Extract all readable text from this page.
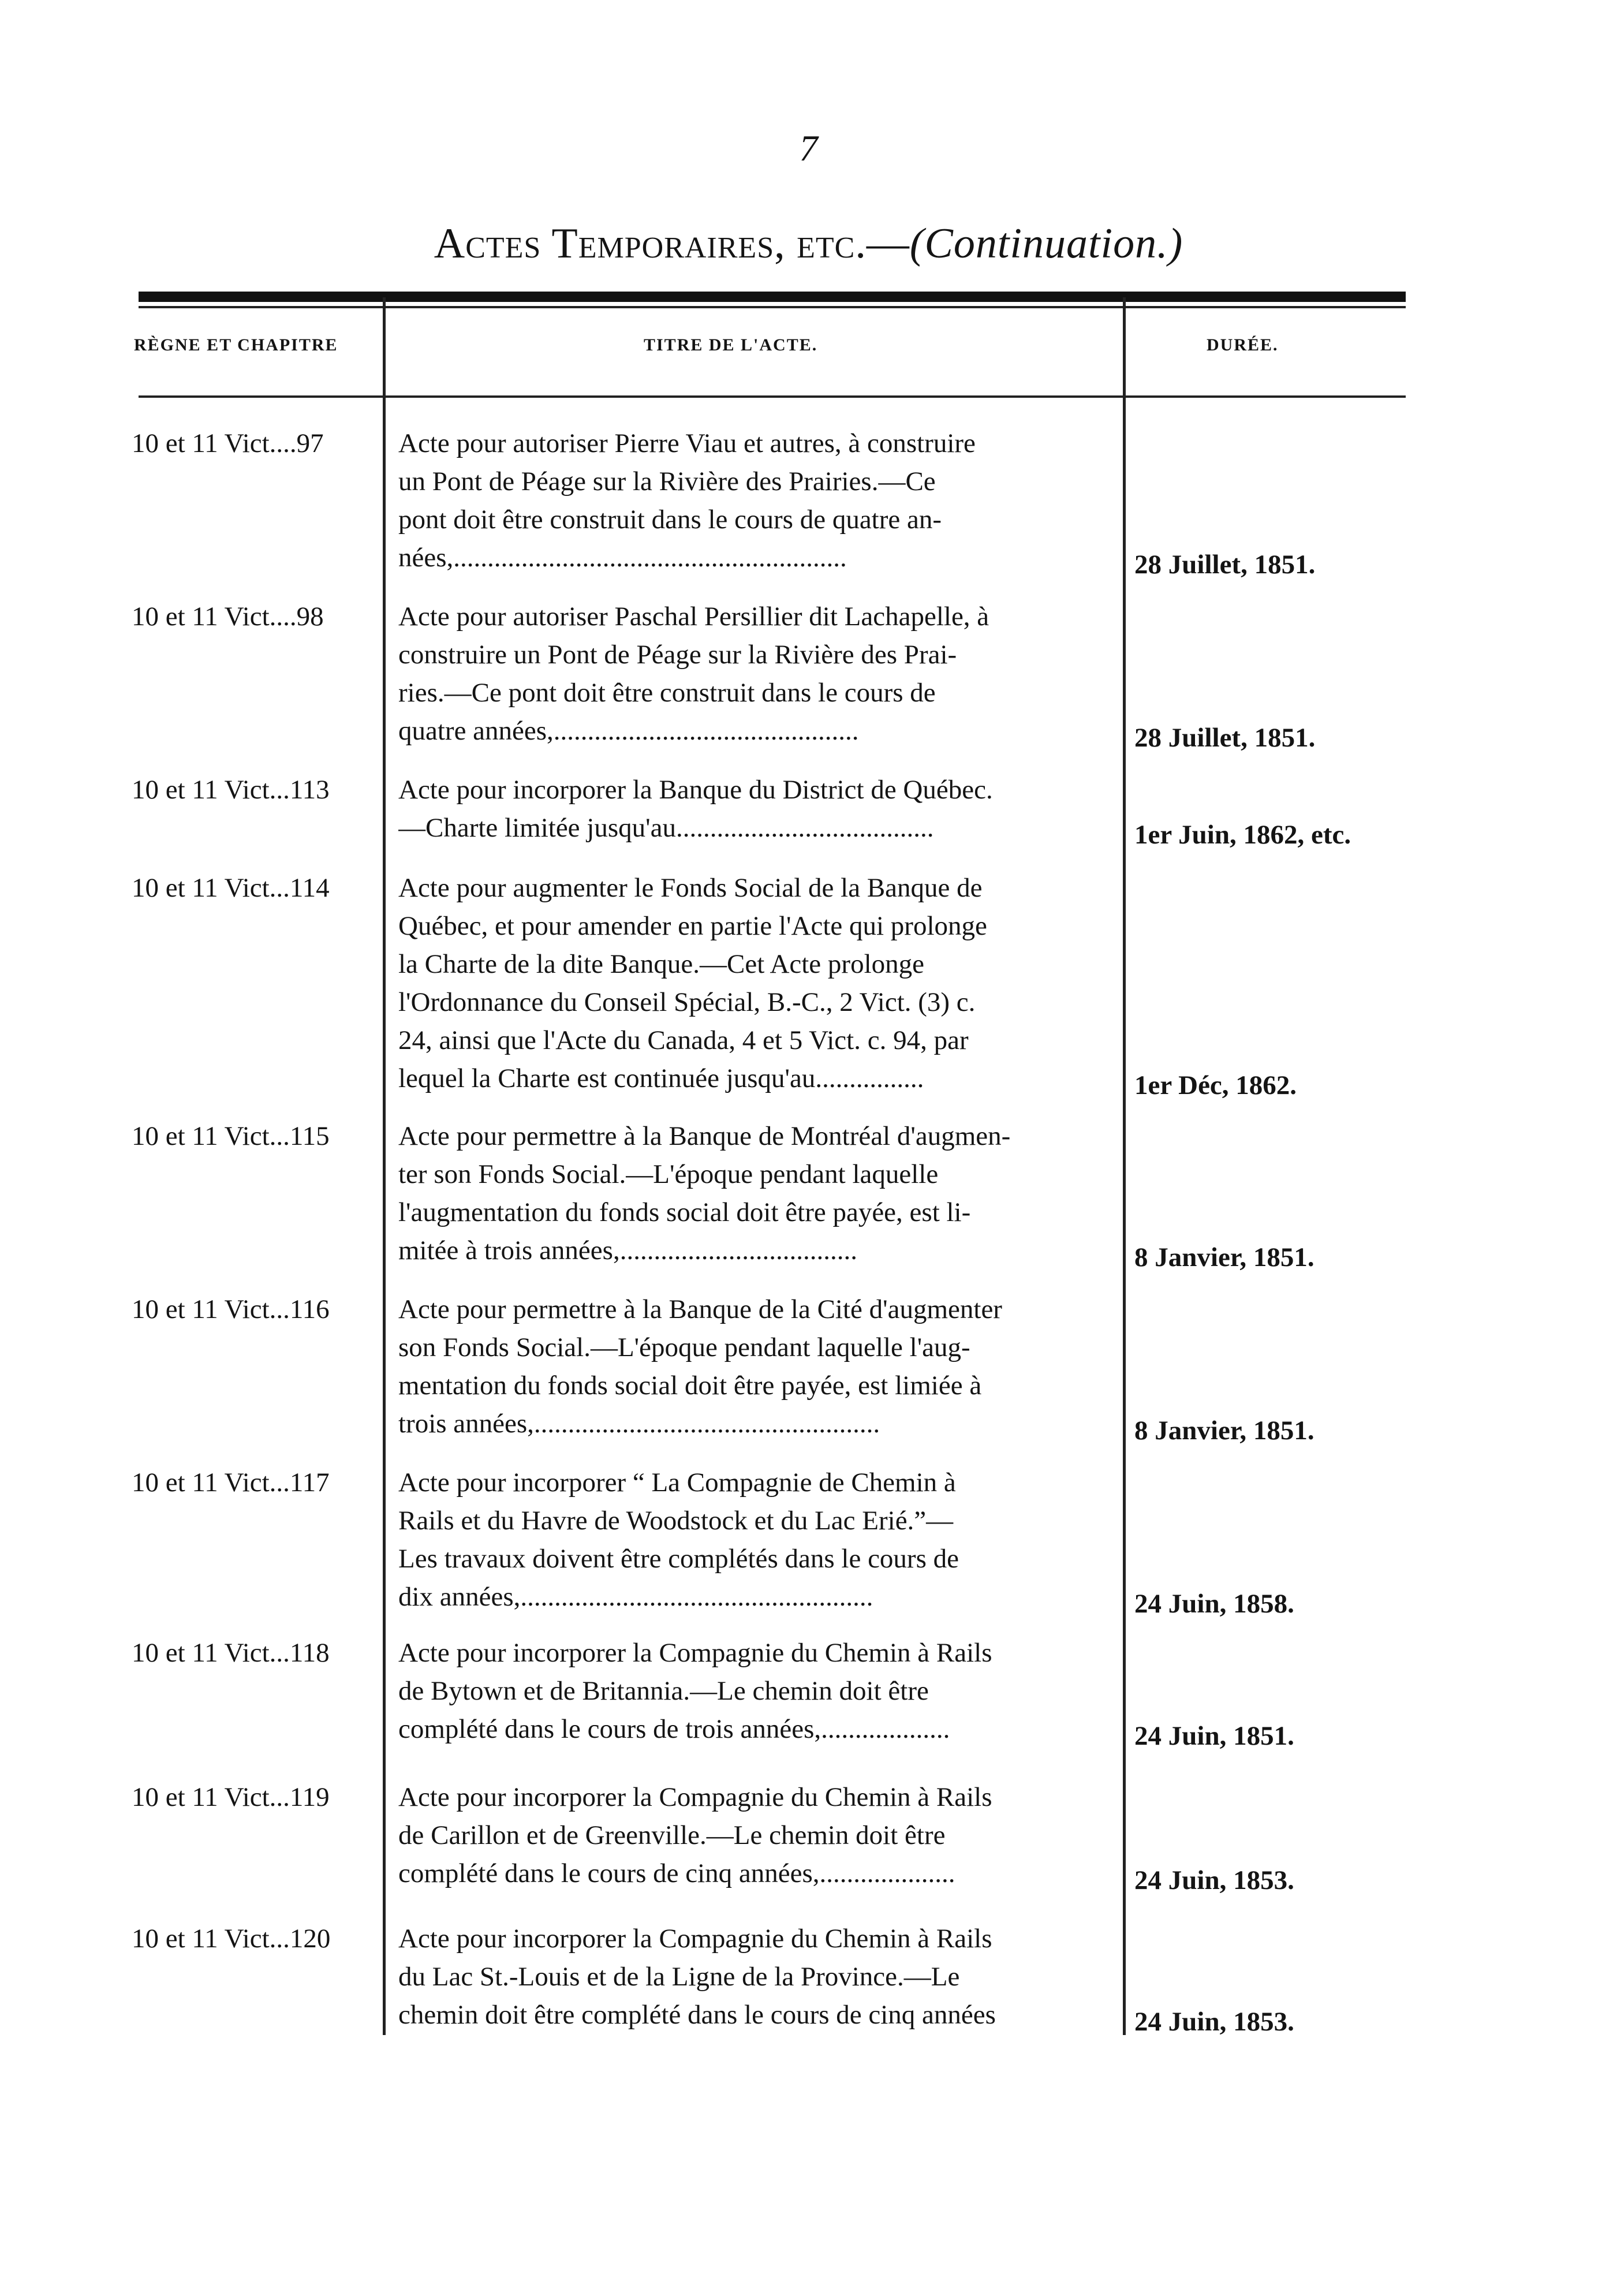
7
Actes Temporaires, etc.—(Continuation.)
RÈGNE ET CHAPITRE	TITRE DE L'ACTE.	DURÉE.
10 et 11 Vict....97	Acte pour autoriser Pierre Viau et autres, à construire
un Pont de Péage sur la Rivière des Prairies.—Ce
pont doit être construit dans le cours de quatre an-
nées,..........................................................	28 Juillet, 1851.
10 et 11 Vict....98	Acte pour autoriser Paschal Persillier dit Lachapelle, à
construire un Pont de Péage sur la Rivière des Prai-
ries.—Ce pont doit être construit dans le cours de
quatre années,.............................................	28 Juillet, 1851.
10 et 11 Vict...113	Acte pour incorporer la Banque du District de Québec.
—Charte limitée jusqu'au......................................	1er Juin, 1862, etc.
10 et 11 Vict...114	Acte pour augmenter le Fonds Social de la Banque de
Québec, et pour amender en partie l'Acte qui prolonge
la Charte de la dite Banque.—Cet Acte prolonge
l'Ordonnance du Conseil Spécial, B.-C., 2 Vict. (3) c.
24, ainsi que l'Acte du Canada, 4 et 5 Vict. c. 94, par
lequel la Charte est continuée jusqu'au................	1er Déc, 1862.
10 et 11 Vict...115	Acte pour permettre à la Banque de Montréal d'augmen-
ter son Fonds Social.—L'époque pendant laquelle
l'augmentation du fonds social doit être payée, est li-
mitée à trois années,...................................	8 Janvier, 1851.
10 et 11 Vict...116	Acte pour permettre à la Banque de la Cité d'augmenter
son Fonds Social.—L'époque pendant laquelle l'aug-
mentation du fonds social doit être payée, est limiée à
trois années,...................................................	8 Janvier, 1851.
10 et 11 Vict...117	Acte pour incorporer “ La Compagnie de Chemin à
Rails et du Havre de Woodstock et du Lac Erié.”—
Les travaux doivent être complétés dans le cours de
dix années,....................................................	24 Juin, 1858.
10 et 11 Vict...118	Acte pour incorporer la Compagnie du Chemin à Rails
de Bytown et de Britannia.—Le chemin doit être
complété dans le cours de trois années,...................	24 Juin, 1851.
10 et 11 Vict...119	Acte pour incorporer la Compagnie du Chemin à Rails
de Carillon et de Greenville.—Le chemin doit être
complété dans le cours de cinq années,....................	24 Juin, 1853.
10 et 11 Vict...120	Acte pour incorporer la Compagnie du Chemin à Rails
du Lac St.-Louis et de la Ligne de la Province.—Le
chemin doit être complété dans le cours de cinq années	24 Juin, 1853.
